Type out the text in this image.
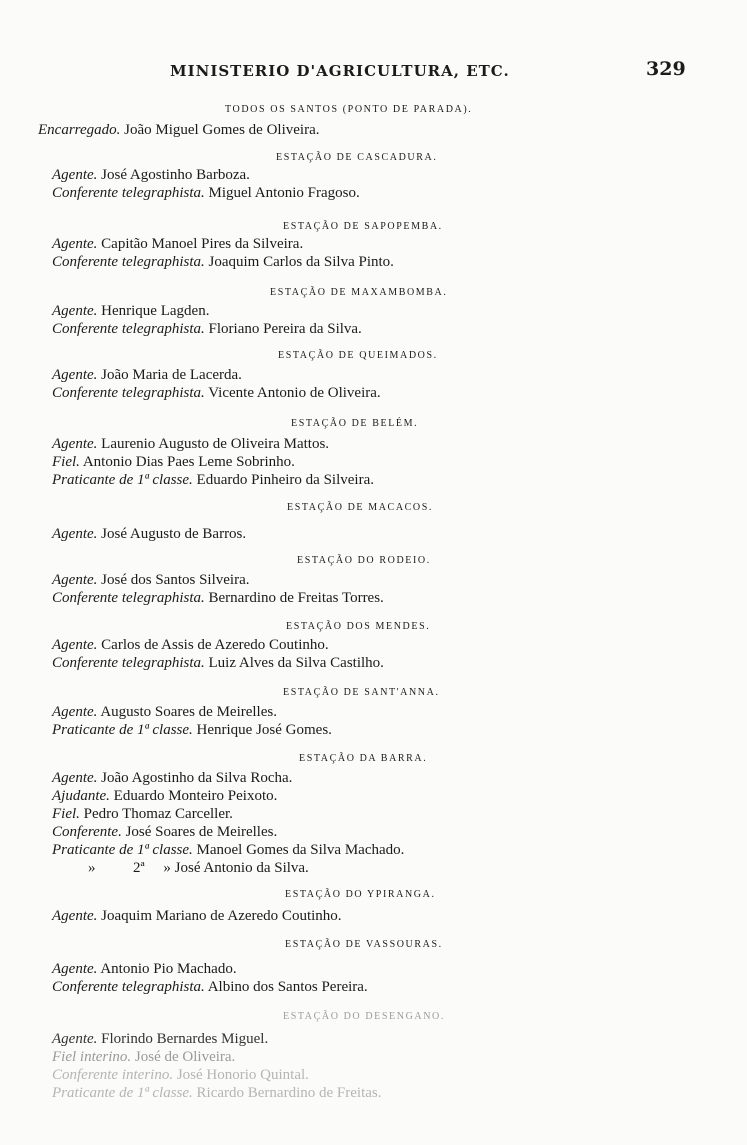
MINISTERIO D'AGRICULTURA, ETC.	329
TODOS OS SANTOS (PONTO DE PARADA).
Encarregado. João Miguel Gomes de Oliveira.
ESTAÇÃO DE CASCADURA.
Agente. José Agostinho Barboza.
Conferente telegraphista. Miguel Antonio Fragoso.
ESTAÇÃO DE SAPOPEMBA.
Agente. Capitão Manoel Pires da Silveira.
Conferente telegraphista. Joaquim Carlos da Silva Pinto.
ESTAÇÃO DE MAXAMBOMBA.
Agente. Henrique Lagden.
Conferente telegraphista. Floriano Pereira da Silva.
ESTAÇÃO DE QUEIMADOS.
Agente. João Maria de Lacerda.
Conferente telegraphista. Vicente Antonio de Oliveira.
ESTAÇÃO DE BELÉM.
Agente. Laurenio Augusto de Oliveira Mattos.
Fiel. Antonio Dias Paes Leme Sobrinho.
Praticante de 1ª classe. Eduardo Pinheiro da Silveira.
ESTAÇÃO DE MACACOS.
Agente. José Augusto de Barros.
ESTAÇÃO DO RODEIO.
Agente. José dos Santos Silveira.
Conferente telegraphista. Bernardino de Freitas Torres.
ESTAÇÃO DOS MENDES.
Agente. Carlos de Assis de Azeredo Coutinho.
Conferente telegraphista. Luiz Alves da Silva Castilho.
ESTAÇÃO DE SANT'ANNA.
Agente. Augusto Soares de Meirelles.
Praticante de 1ª classe. Henrique José Gomes.
ESTAÇÃO DA BARRA.
Agente. João Agostinho da Silva Rocha.
Ajudante. Eduardo Monteiro Peixoto.
Fiel. Pedro Thomaz Carceller.
Conferente. José Soares de Meirelles.
Praticante de 1ª classe. Manoel Gomes da Silva Machado.
»          2ª     » José Antonio da Silva.
ESTAÇÃO DO YPIRANGA.
Agente. Joaquim Mariano de Azeredo Coutinho.
ESTAÇÃO DE VASSOURAS.
Agente. Antonio Pio Machado.
Conferente telegraphista. Albino dos Santos Pereira.
ESTAÇÃO DO DESENGANO.
Agente. Florindo Bernardes Miguel.
Fiel interino. José de Oliveira.
Conferente interino. José Honorio Quintal.
Praticante de 1ª classe. Ricardo Bernardino de Freitas.
